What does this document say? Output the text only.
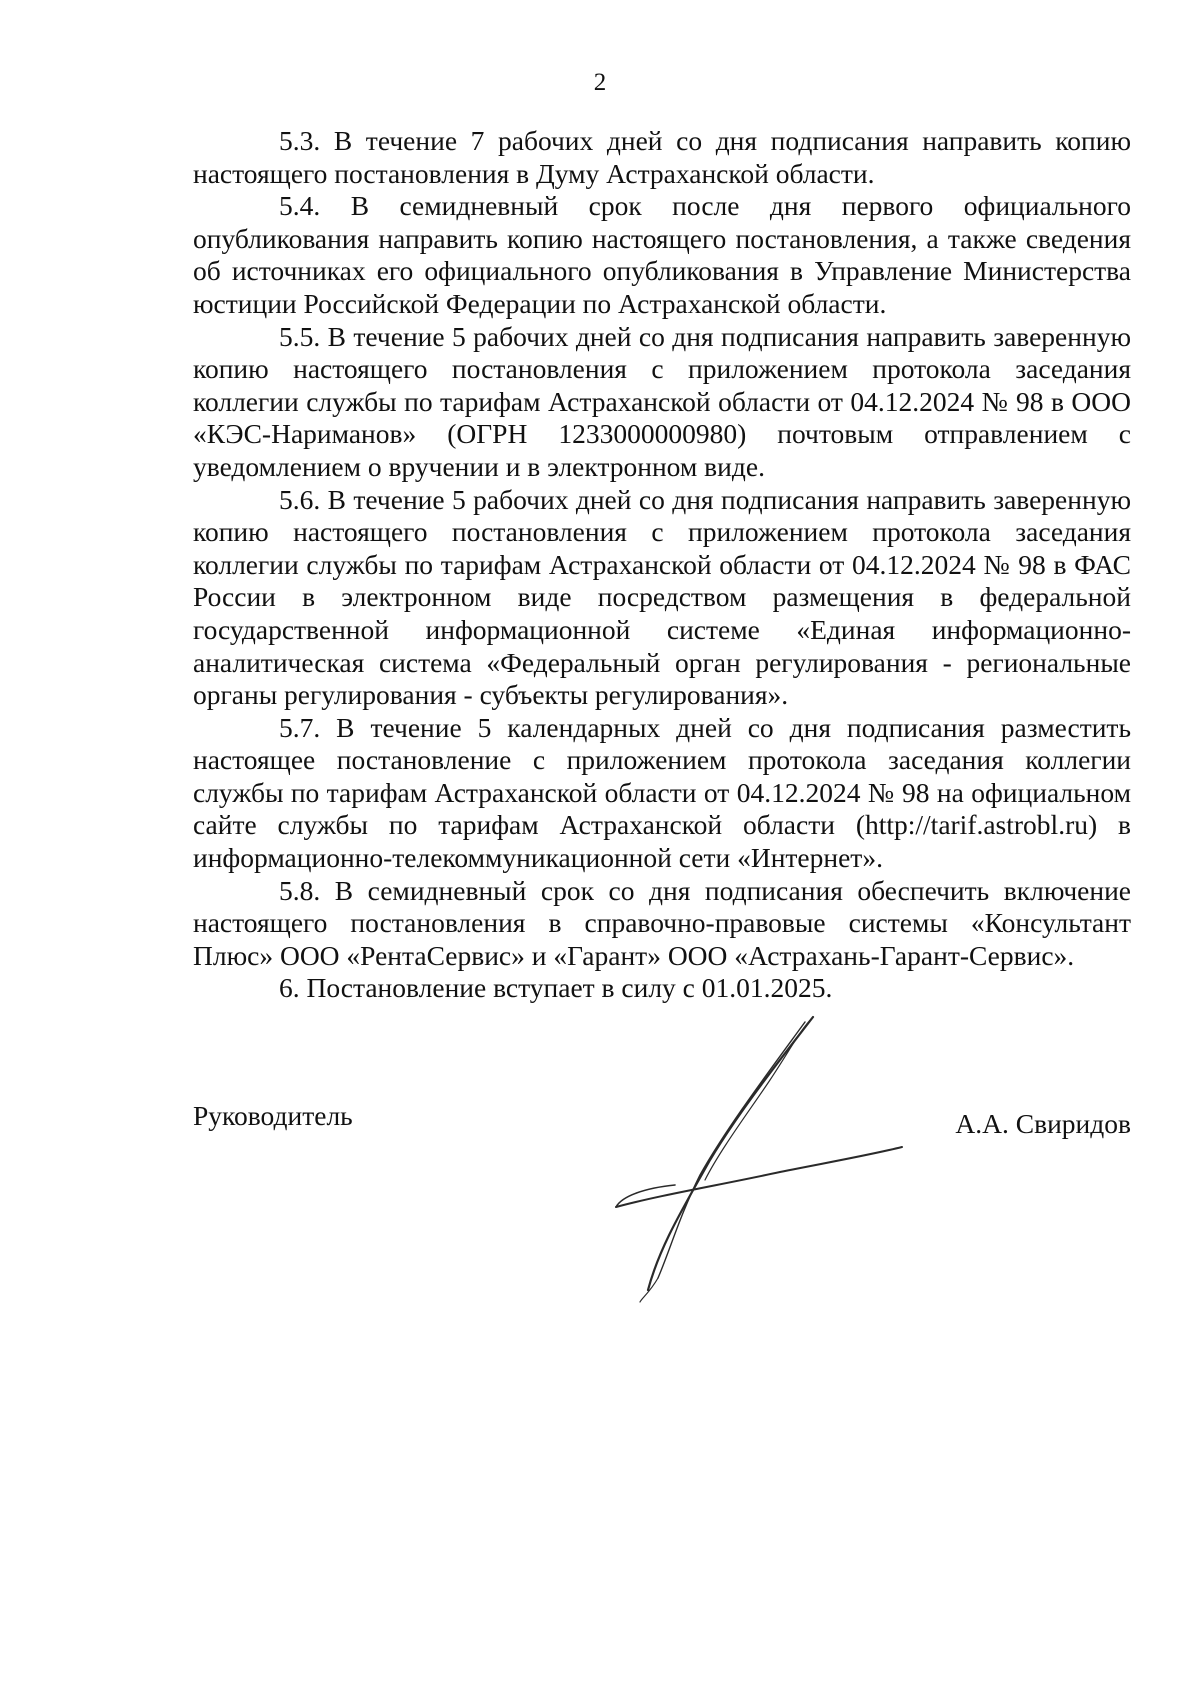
2

5.3. В течение 7 рабочих дней со дня подписания направить копию настоящего постановления в Думу Астраханской области.

5.4. В семидневный срок после дня первого официального опубликования направить копию настоящего постановления, а также сведения об источниках его официального опубликования в Управление Министерства юстиции Российской Федерации по Астраханской области.

5.5. В течение 5 рабочих дней со дня подписания направить заверенную копию настоящего постановления с приложением протокола заседания коллегии службы по тарифам Астраханской области от 04.12.2024 № 98 в ООО «КЭС-Нариманов» (ОГРН 1233000000980) почтовым отправлением с уведомлением о вручении и в электронном виде.

5.6. В течение 5 рабочих дней со дня подписания направить заверенную копию настоящего постановления с приложением протокола заседания коллегии службы по тарифам Астраханской области от 04.12.2024 № 98 в ФАС России в электронном виде посредством размещения в федеральной государственной информационной системе «Единая информационно-аналитическая система «Федеральный орган регулирования - региональные органы регулирования - субъекты регулирования».

5.7. В течение 5 календарных дней со дня подписания разместить настоящее постановление с приложением протокола заседания коллегии службы по тарифам Астраханской области от 04.12.2024 № 98 на официальном сайте службы по тарифам Астраханской области (http://tarif.astrobl.ru) в информационно-телекоммуникационной сети «Интернет».

5.8. В семидневный срок со дня подписания обеспечить включение настоящего постановления в справочно-правовые системы «Консультант Плюс» ООО «РентаСервис» и «Гарант» ООО «Астрахань-Гарант-Сервис».

6. Постановление вступает в силу с 01.01.2025.

Руководитель	А.А. Свиридов
